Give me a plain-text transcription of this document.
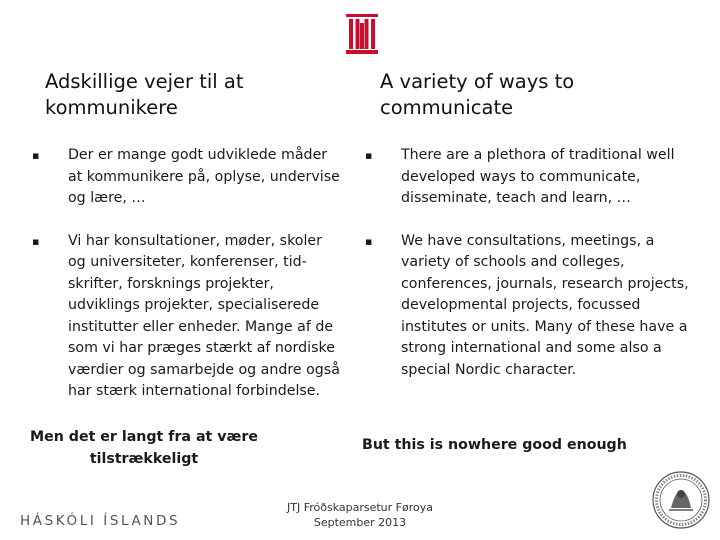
Adskillige vejer til at
kommunikere
▪ Der er mange godt udviklede måder at kommunikere på, oplyse, undervise og lære, …
▪ Vi har konsultationer, møder, skoler og universiteter, konferenser, tid-skrifter, forsknings projekter, udviklings projekter, specialiserede institutter eller enheder. Mange af de som vi har præges stærkt af nordiske værdier og samarbejde og andre også har stærk international forbindelse.
Men det er langt fra at være
tilstrækkeligt
A variety of ways to
communicate
▪ There are a plethora of traditional well developed ways to communicate, disseminate, teach and learn, …
▪ We have consultations, meetings, a variety of schools and colleges, conferences, journals, research projects, developmental projects, focussed institutes or units. Many of these have a strong international and some also a special Nordic character.
But this is nowhere good enough
HÁSKÓLI ÍSLANDS
JTJ Fróðskaparsetur Føroya
September 2013
